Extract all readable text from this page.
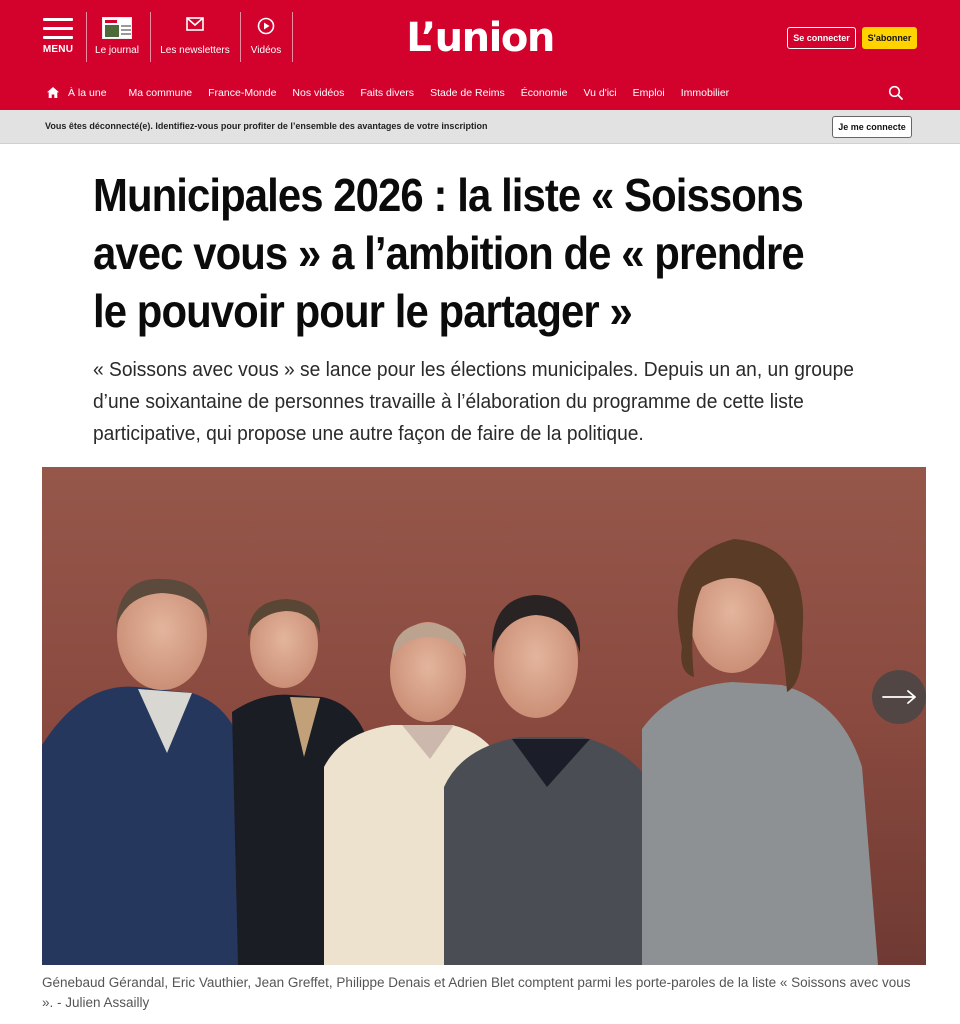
MENU	Le journal Les newsletters	Vidéos	L’union	Se connecter	S'abonner
À la une Ma commune France-Monde Nos vidéos Faits divers Stade de Reims Économie Vu d'ici Emploi Immobilier
Vous êtes déconnecté(e). Identifiez-vous pour profiter de l’ensemble des avantages de votre inscription	Je me connecte
Municipales 2026 : la liste « Soissons avec vous » a l’ambition de « prendre le pouvoir pour le partager »

« Soissons avec vous » se lance pour les élections municipales. Depuis un an, un groupe d’une soixantaine de personnes travaille à l’élaboration du programme de cette liste participative, qui propose une autre façon de faire de la politique.

Génebaud Gérandal, Eric Vauthier, Jean Greffet, Philippe Denais et Adrien Blet comptent parmi les porte-paroles de la liste « Soissons avec vous ». - Julien Assailly
